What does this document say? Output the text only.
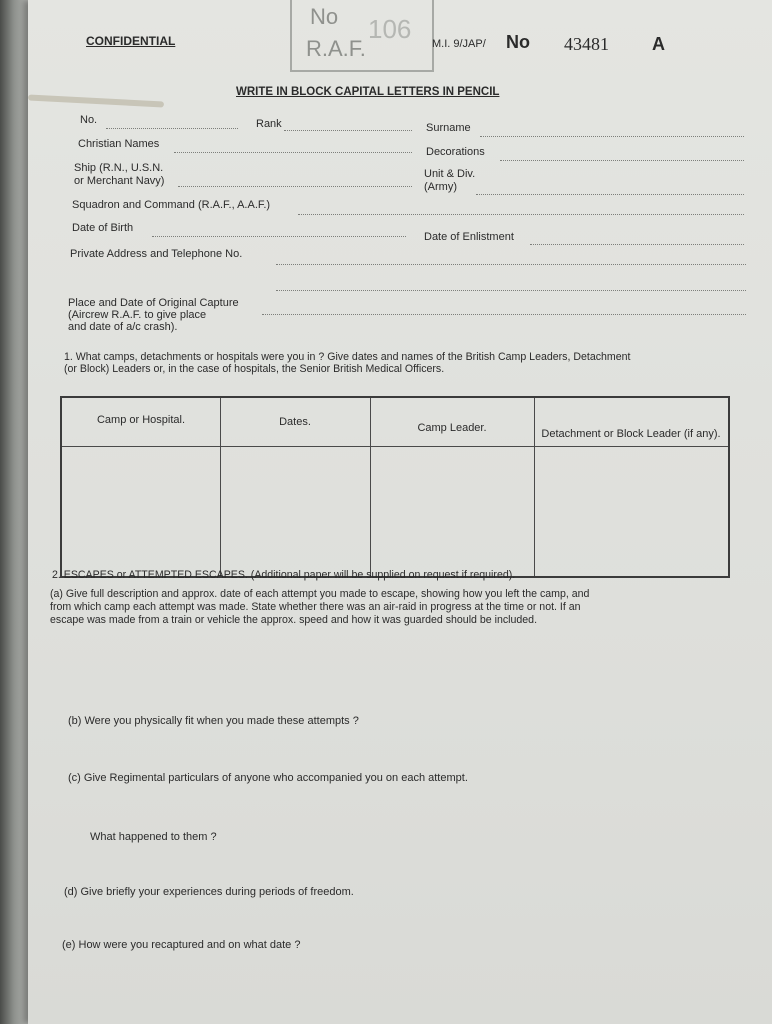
No
R.A.F.
106
CONFIDENTIAL	M.I. 9/JAP/ No 43481 A
WRITE IN BLOCK CAPITAL LETTERS IN PENCIL
No.	Rank	Surname
Christian Names
Decorations
Ship (R.N., U.S.N.
or Merchant Navy)
Unit & Div.
(Army)
Squadron and Command (R.A.F., A.A.F.)
Date of Birth
Date of Enlistment
Private Address and Telephone No.
Place and Date of Original Capture
(Aircrew R.A.F. to give place
and date of a/c crash).
1. What camps, detachments or hospitals were you in ? Give dates and names of the British Camp Leaders, Detachment
(or Block) Leaders or, in the case of hospitals, the Senior British Medical Officers.
Camp or Hospital.	Dates.	Camp Leader.	Detachment or Block Leader (if any).
2. ESCAPES or ATTEMPTED ESCAPES. (Additional paper will be supplied on request if required).
(a) Give full description and approx. date of each attempt you made to escape, showing how you left the camp, and
from which camp each attempt was made. State whether there was an air-raid in progress at the time or not. If an
escape was made from a train or vehicle the approx. speed and how it was guarded should be included.
(b) Were you physically fit when you made these attempts ?
(c) Give Regimental particulars of anyone who accompanied you on each attempt.
What happened to them ?
(d) Give briefly your experiences during periods of freedom.
(e) How were you recaptured and on what date ?
